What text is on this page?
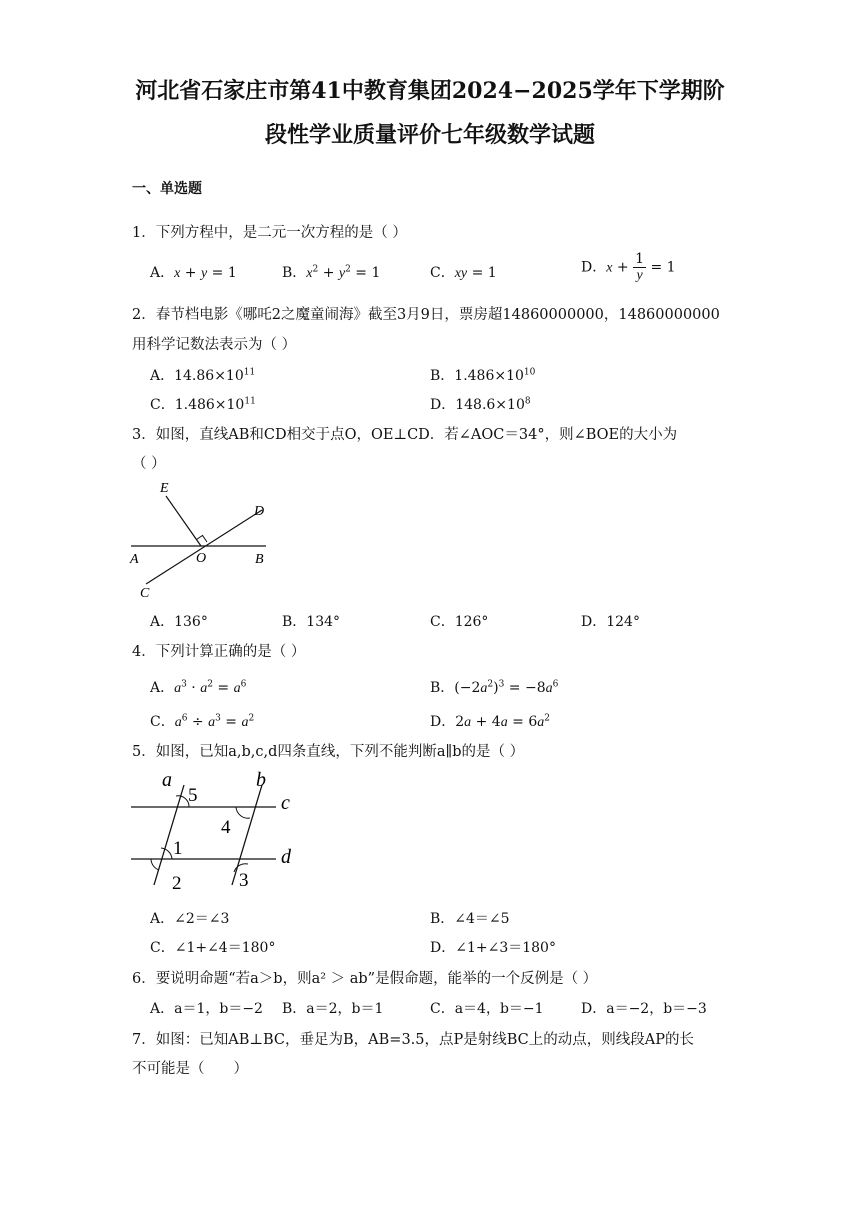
河北省石家庄市第41中教育集团2024−2025学年下学期阶
段性学业质量评价七年级数学试题
一、单选题
1．下列方程中，是二元一次方程的是（ ）
A．x + y = 1	B．$x^2 + y^2 = 1$	C．xy = 1	D．$x + \frac{1}{y} = 1$
2．春节档电影《哪吒2之魔童闹海》截至3月9日，票房超14860000000，14860000000
用科学记数法表示为（ ）
A．$14.86\times 10^{11}$	B．$1.486\times 10^{10}$
C．$1.486\times 10^{11}$	D．$148.6\times 10^8$
3．如图，直线AB和CD相交于点O，OE⊥CD．若∠AOC＝34°，则∠BOE的大小为
（ ）
E
D
A	O	B
C
A．136°	B．134°	C．126°	D．124°
4．下列计算正确的是（ ）
A．$a^3 \cdot a^2 = a^6$	B．$(-2a^2)^3 = -8a^6$
C．$a^6 \div a^3 = a^2$	D．$2a + 4a = 6a^2$
5．如图，已知a,b,c,d四条直线，下列不能判断a∥b的是（ ）
a	b
c
d
5
4
1
2	3
A．∠2＝∠3	B．∠4＝∠5
C．∠1+∠4＝180°	D．∠1+∠3＝180°
6．要说明命题“若a＞b，则a² ＞ ab”是假命题，能举的一个反例是（ ）
A．a＝1，b＝−2 B．a＝2，b＝1	C．a＝4，b＝−1	D．a＝−2，b＝−3
7．如图：已知AB⊥BC，垂足为B，AB=3.5，点P是射线BC上的动点，则线段AP的长
不可能是（　　）
